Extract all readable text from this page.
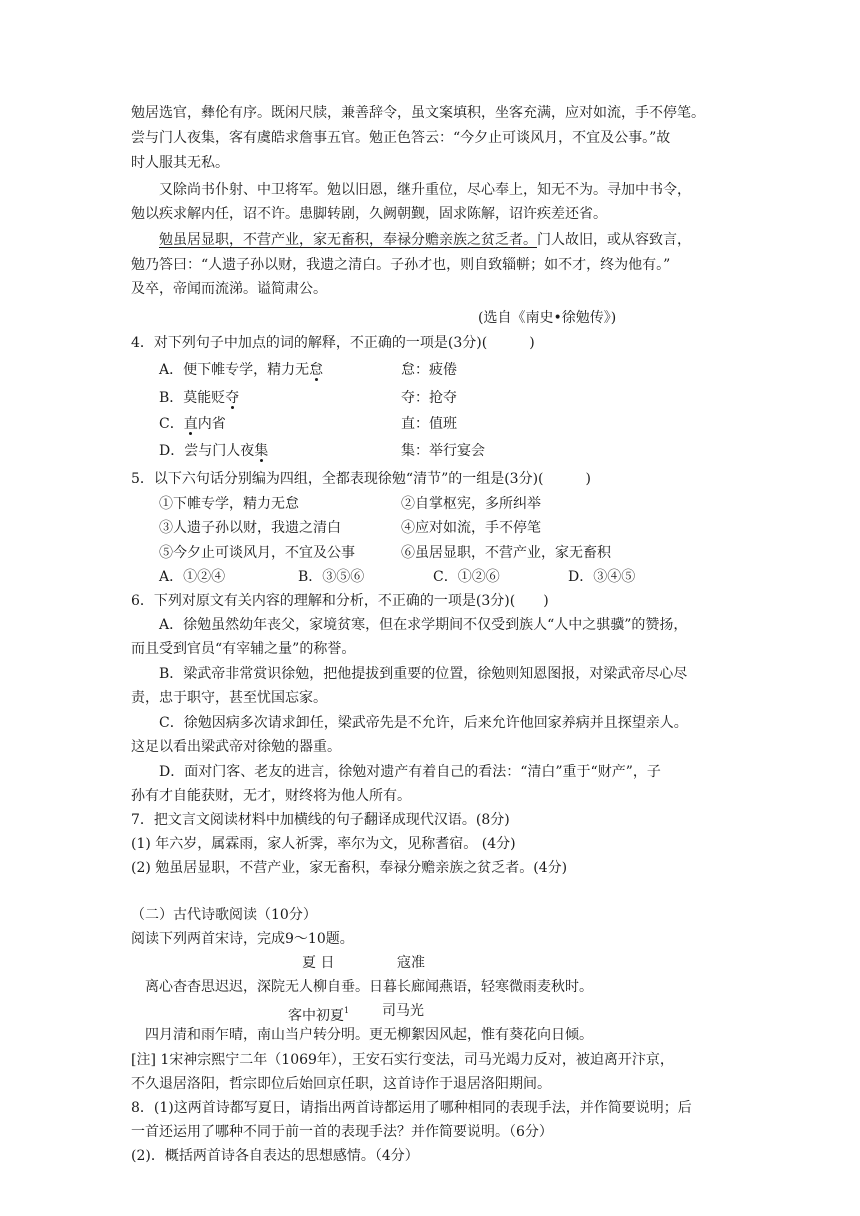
勉居选官，彝伦有序。既闲尺牍，兼善辞令，虽文案填积，坐客充满，应对如流，手不停笔。
尝与门人夜集，客有虞皓求詹事五官。勉正色答云：“今夕止可谈风月，不宜及公事。”故
时人服其无私。
又除尚书仆射、中卫将军。勉以旧恩，继升重位，尽心奉上，知无不为。寻加中书令，
勉以疾求解内任，诏不许。患脚转剧，久阙朝觐，固求陈解，诏许疾差还省。
勉虽居显职，不营产业，家无畜积，奉禄分赡亲族之贫乏者。门人故旧，或从容致言，
勉乃答曰：“人遗子孙以财，我遗之清白。子孙才也，则自致辎軿；如不才，终为他有。”
及卒，帝闻而流涕。谥简肃公。
(选自《南史•徐勉传》)
4．对下列句子中加点的词的解释，不正确的一项是(3分)(　　　)
A．便下帷专学，精力无怠	怠：疲倦
B．莫能贬夺	夺：抢夺
C．直内省	直：值班
D．尝与门人夜集	集：举行宴会
5．以下六句话分别编为四组，全都表现徐勉“清节”的一组是(3分)(　　　)
①下帷专学，精力无怠	②自掌枢宪，多所纠举
③人遗子孙以财，我遗之清白	④应对如流，手不停笔
⑤今夕止可谈风月，不宜及公事	⑥虽居显职，不营产业，家无畜积
A．①②④	B．③⑤⑥	C．①②⑥	D．③④⑤
6．下列对原文有关内容的理解和分析，不正确的一项是(3分)(　　)
A．徐勉虽然幼年丧父，家境贫寒，但在求学期间不仅受到族人“人中之骐骥”的赞扬，
而且受到官员“有宰辅之量”的称誉。
B．梁武帝非常赏识徐勉，把他提拔到重要的位置，徐勉则知恩图报，对梁武帝尽心尽
责，忠于职守，甚至忧国忘家。
C．徐勉因病多次请求卸任，梁武帝先是不允许，后来允许他回家养病并且探望亲人。
这足以看出梁武帝对徐勉的器重。
D．面对门客、老友的进言，徐勉对遗产有着自己的看法：“清白”重于“财产”，子
孙有才自能获财，无才，财终将为他人所有。
7．把文言文阅读材料中加横线的句子翻译成现代汉语。(8分)
(1) 年六岁，属霖雨，家人祈霁，率尔为文，见称耆宿。 (4分)
(2) 勉虽居显职，不营产业，家无畜积，奉禄分赡亲族之贫乏者。(4分)
（二）古代诗歌阅读（10分）
阅读下列两首宋诗，完成9～10题。
夏 日	寇准
离心杳杳思迟迟，深院无人柳自垂。日暮长廊闻燕语，轻寒微雨麦秋时。
客中初夏$^1$ 司马光
四月清和雨乍晴，南山当户转分明。更无柳絮因风起，惟有葵花向日倾。
[注] 1宋神宗熙宁二年（1069年），王安石实行变法，司马光竭力反对，被迫离开汴京，
不久退居洛阳，哲宗即位后始回京任职，这首诗作于退居洛阳期间。
8．(1)这两首诗都写夏日，请指出两首诗都运用了哪种相同的表现手法，并作简要说明；后
一首还运用了哪种不同于前一首的表现手法？并作简要说明。（6分）
(2)．概括两首诗各自表达的思想感情。（4分）
